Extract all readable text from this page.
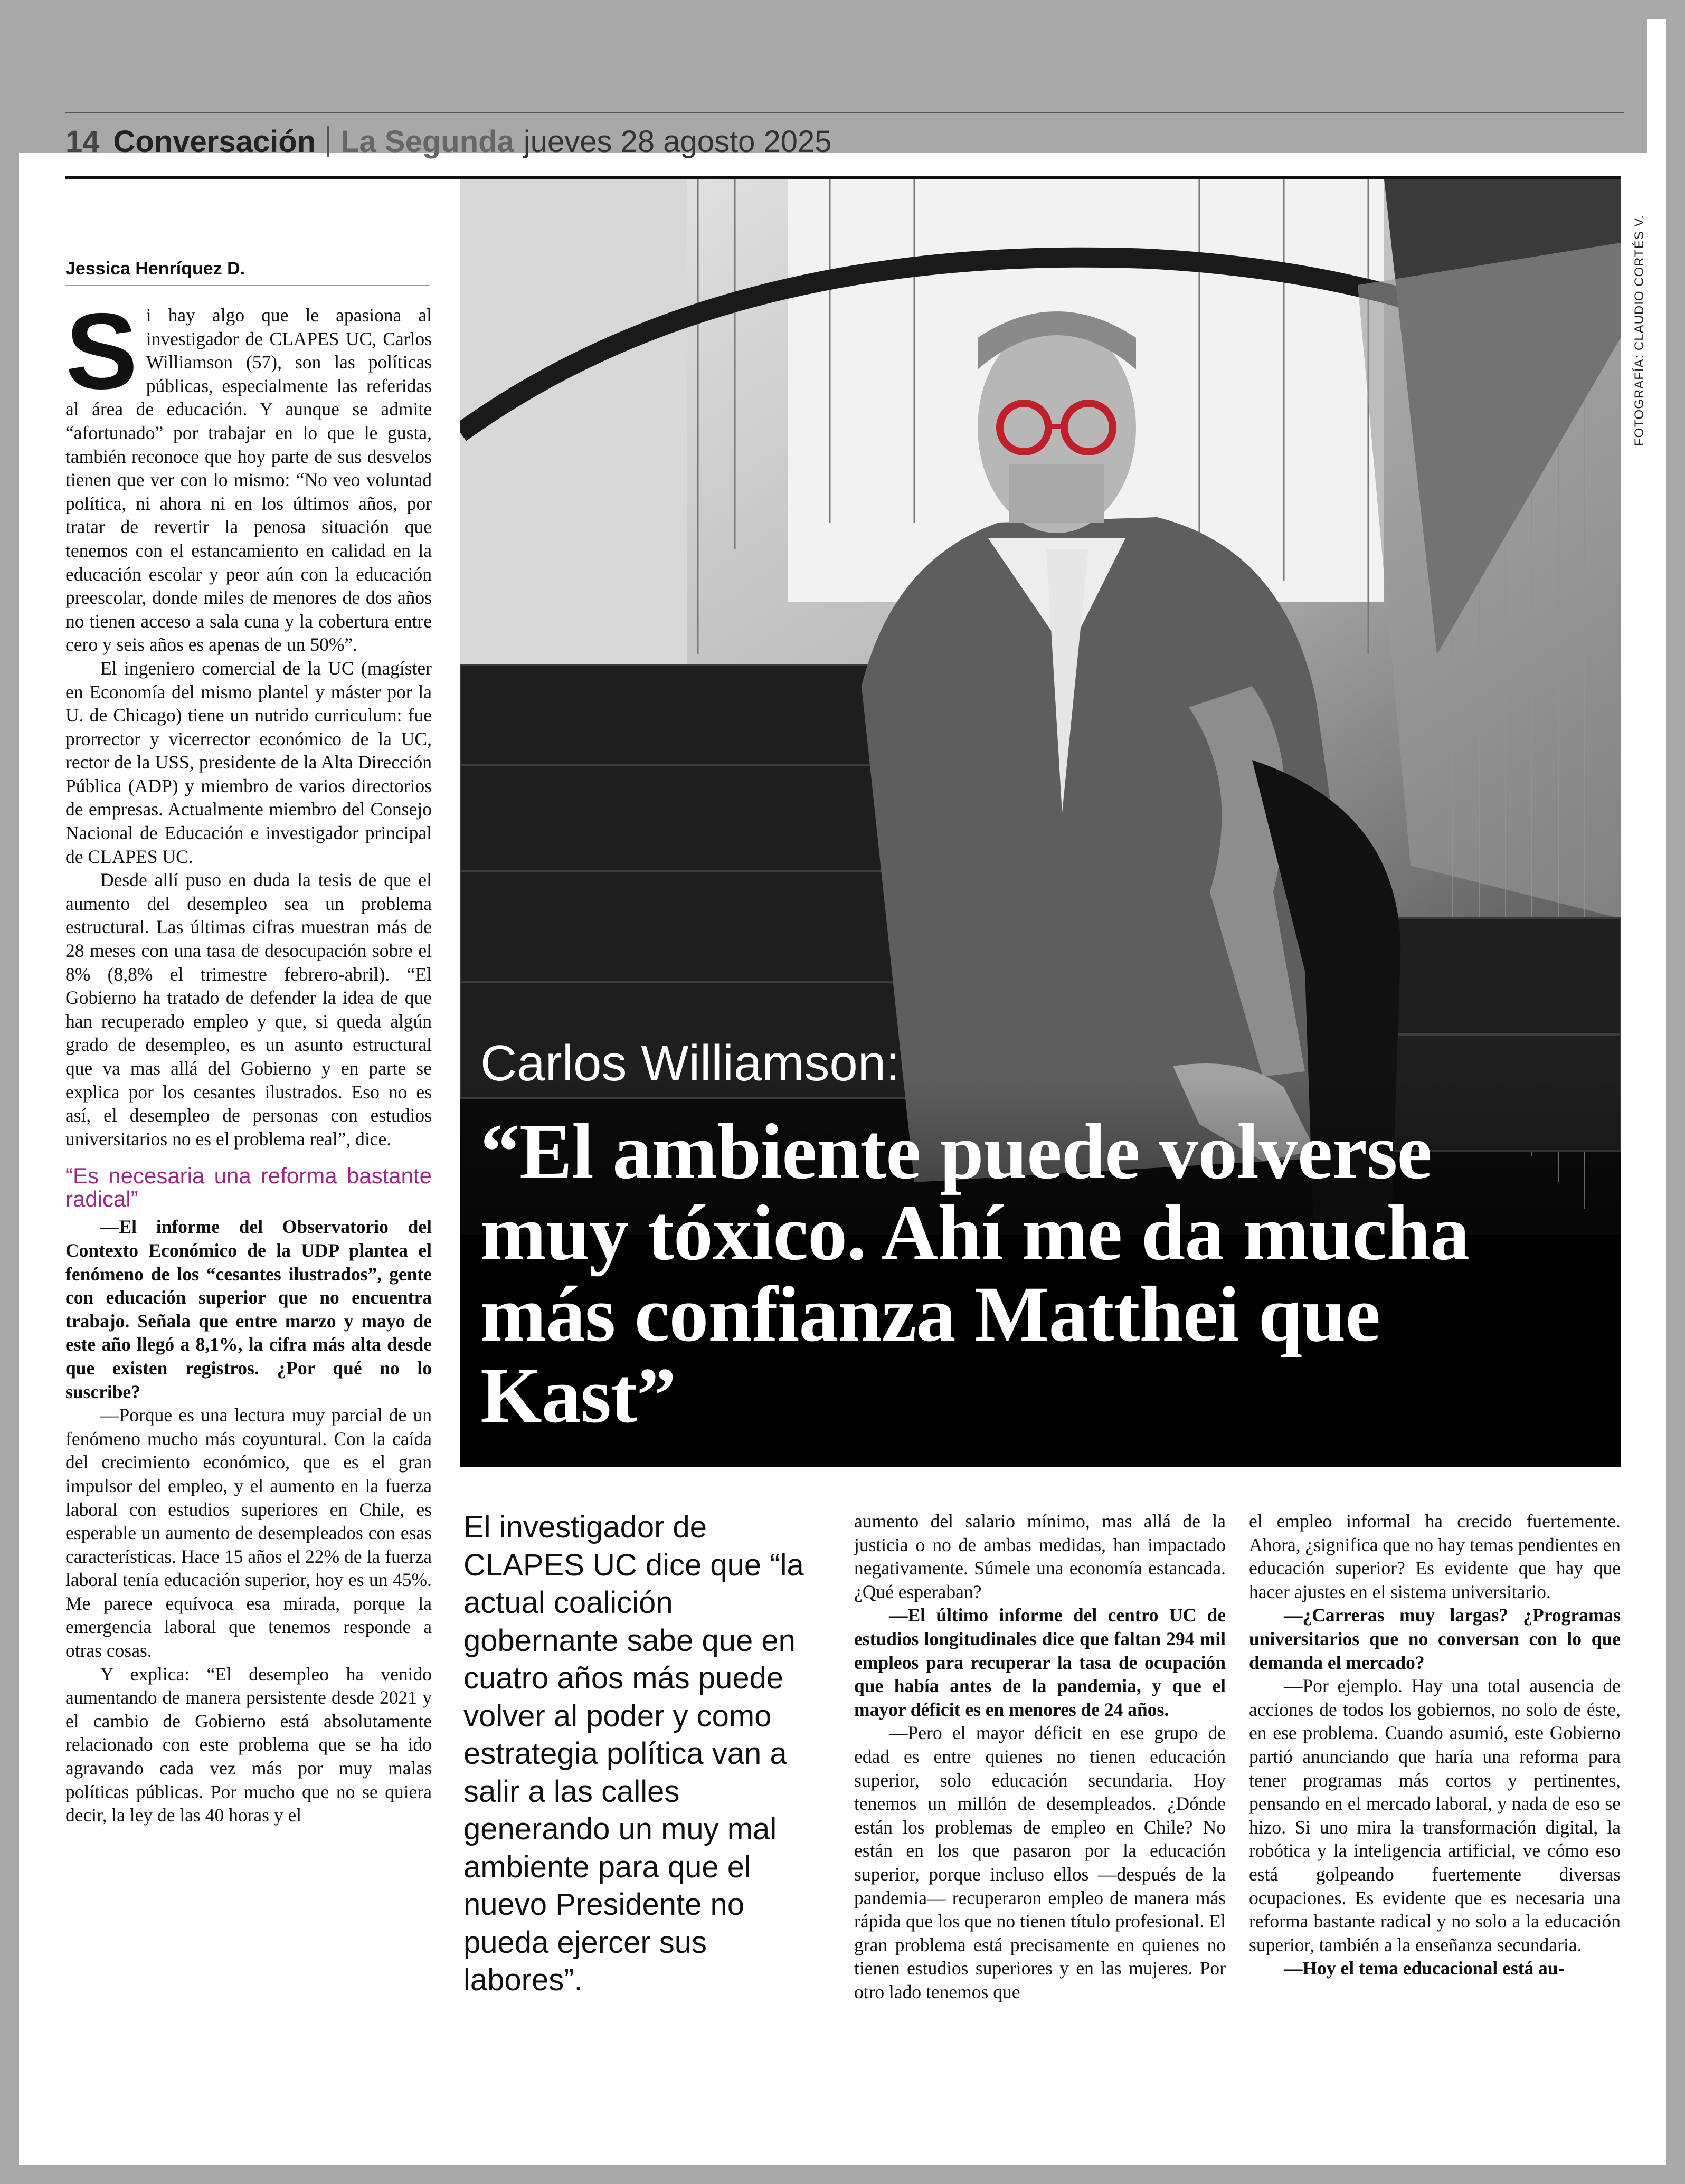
14 Conversación La Segunda jueves 28 agosto 2025
FOTOGRAFÍA: CLAUDIO CORTÉS V.
Carlos Williamson:
“El ambiente puede volverse muy tóxico. Ahí me da mucha más confianza Matthei que Kast”
Jessica Henríquez D.

Si hay algo que le apasiona al investigador de CLAPES UC, Carlos Williamson (57), son las políticas públicas, especialmente las referidas al área de educación. Y aunque se admite “afortunado” por trabajar en lo que le gusta, también reconoce que hoy parte de sus desvelos tienen que ver con lo mismo: “No veo voluntad política, ni ahora ni en los últimos años, por tratar de revertir la penosa situación que tenemos con el estancamiento en calidad en la educación escolar y peor aún con la educación preescolar, donde miles de menores de dos años no tienen acceso a sala cuna y la cobertura entre cero y seis años es apenas de un 50%”.

El ingeniero comercial de la UC (magíster en Economía del mismo plantel y máster por la U. de Chicago) tiene un nutrido curriculum: fue prorrector y vicerrector económico de la UC, rector de la USS, presidente de la Alta Dirección Pública (ADP) y miembro de varios directorios de empresas. Actualmente miembro del Consejo Nacional de Educación e investigador principal de CLAPES UC.

Desde allí puso en duda la tesis de que el aumento del desempleo sea un problema estructural. Las últimas cifras muestran más de 28 meses con una tasa de desocupación sobre el 8% (8,8% el trimestre febrero-abril). “El Gobierno ha tratado de defender la idea de que han recuperado empleo y que, si queda algún grado de desempleo, es un asunto estructural que va mas allá del Gobierno y en parte se explica por los cesantes ilustrados. Eso no es así, el desempleo de personas con estudios universitarios no es el problema real”, dice.

“Es necesaria una reforma bastante radical”

—El informe del Observatorio del Contexto Económico de la UDP plantea el fenómeno de los “cesantes ilustrados”, gente con educación superior que no encuentra trabajo. Señala que entre marzo y mayo de este año llegó a 8,1%, la cifra más alta desde que existen registros. ¿Por qué no lo suscribe?

—Porque es una lectura muy parcial de un fenómeno mucho más coyuntural. Con la caída del crecimiento económico, que es el gran impulsor del empleo, y el aumento en la fuerza laboral con estudios superiores en Chile, es esperable un aumento de desempleados con esas características. Hace 15 años el 22% de la fuerza laboral tenía educación superior, hoy es un 45%. Me parece equívoca esa mirada, porque la emergencia laboral que tenemos responde a otras cosas.

Y explica: “El desempleo ha venido aumentando de manera persistente desde 2021 y el cambio de Gobierno está absolutamente relacionado con este problema que se ha ido agravando cada vez más por muy malas políticas públicas. Por mucho que no se quiera decir, la ley de las 40 horas y el

El investigador de CLAPES UC dice que “la actual coalición gobernante sabe que en cuatro años más puede volver al poder y como estrategia política van a salir a las calles generando un muy mal ambiente para que el nuevo Presidente no pueda ejercer sus labores”.

aumento del salario mínimo, mas allá de la justicia o no de ambas medidas, han impactado negativamente. Súmele una economía estancada. ¿Qué esperaban?

—El último informe del centro UC de estudios longitudinales dice que faltan 294 mil empleos para recuperar la tasa de ocupación que había antes de la pandemia, y que el mayor déficit es en menores de 24 años.

—Pero el mayor déficit en ese grupo de edad es entre quienes no tienen educación superior, solo educación secundaria. Hoy tenemos un millón de desempleados. ¿Dónde están los problemas de empleo en Chile? No están en los que pasaron por la educación superior, porque incluso ellos —después de la pandemia— recuperaron empleo de manera más rápida que los que no tienen título profesional. El gran problema está precisamente en quienes no tienen estudios superiores y en las mujeres. Por otro lado tenemos que

el empleo informal ha crecido fuertemente. Ahora, ¿significa que no hay temas pendientes en educación superior? Es evidente que hay que hacer ajustes en el sistema universitario.

—¿Carreras muy largas? ¿Programas universitarios que no conversan con lo que demanda el mercado?

—Por ejemplo. Hay una total ausencia de acciones de todos los gobiernos, no solo de éste, en ese problema. Cuando asumió, este Gobierno partió anunciando que haría una reforma para tener programas más cortos y pertinentes, pensando en el mercado laboral, y nada de eso se hizo. Si uno mira la transformación digital, la robótica y la inteligencia artificial, ve cómo eso está golpeando fuertemente diversas ocupaciones. Es evidente que es necesaria una reforma bastante radical y no solo a la educación superior, también a la enseñanza secundaria.

—Hoy el tema educacional está au-
